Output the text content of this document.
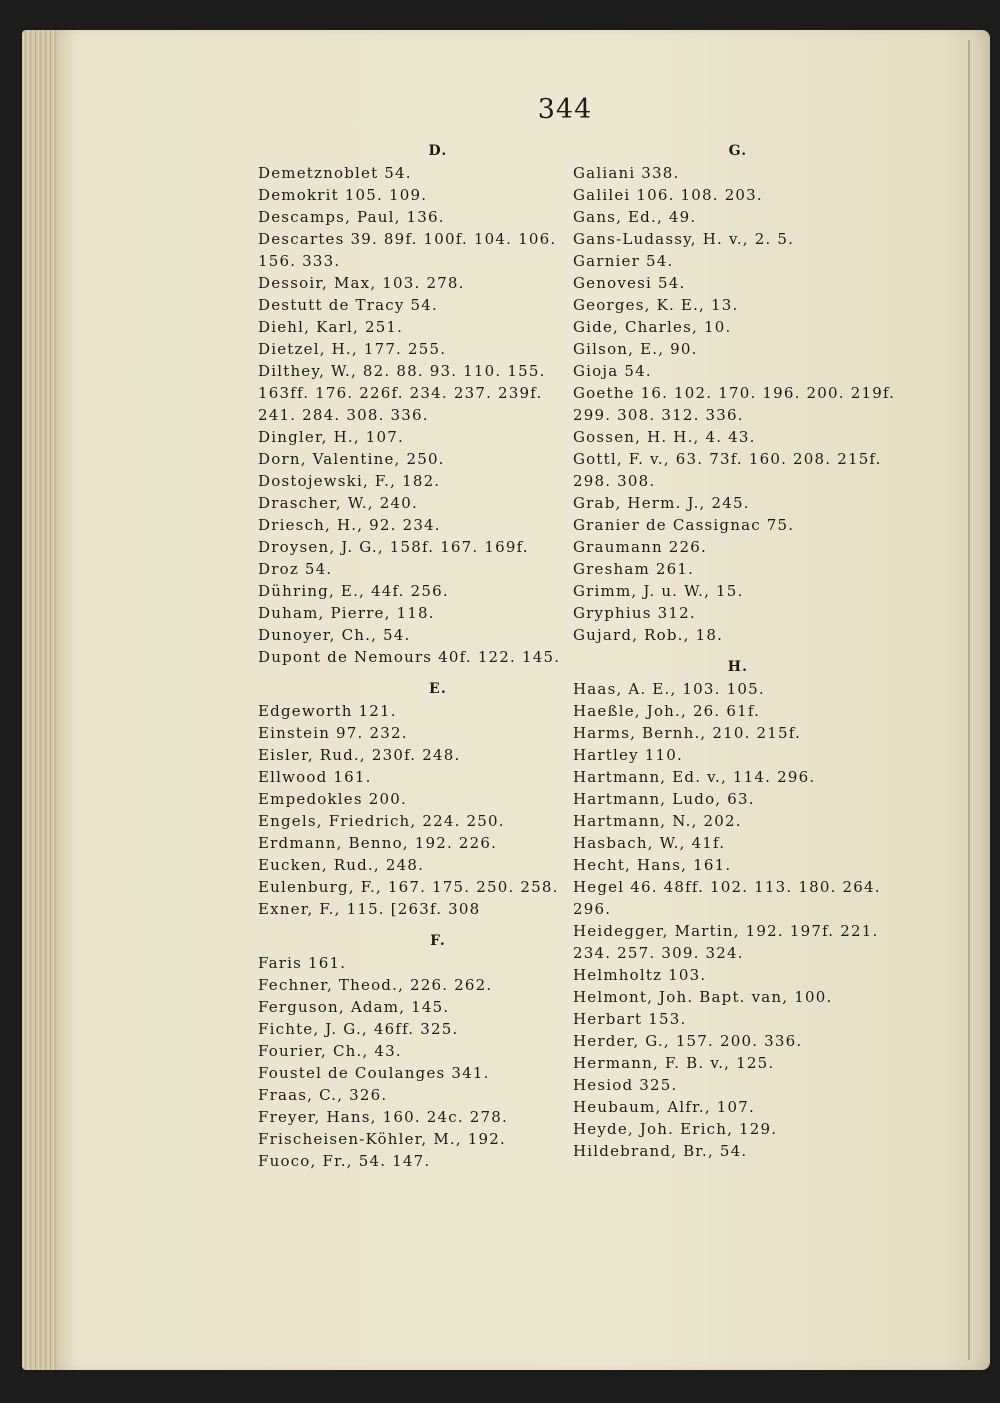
344
D.
Demetznoblet 54.
Demokrit 105. 109.
Descamps, Paul, 136.
Descartes 39. 89f. 100f. 104. 106.
156. 333.
Dessoir, Max, 103. 278.
Destutt de Tracy 54.
Diehl, Karl, 251.
Dietzel, H., 177. 255.
Dilthey, W., 82. 88. 93. 110. 155.
163ff. 176. 226f. 234. 237. 239f.
241. 284. 308. 336.
Dingler, H., 107.
Dorn, Valentine, 250.
Dostojewski, F., 182.
Drascher, W., 240.
Driesch, H., 92. 234.
Droysen, J. G., 158f. 167. 169f.
Droz 54.
Dühring, E., 44f. 256.
Duham, Pierre, 118.
Dunoyer, Ch., 54.
Dupont de Nemours 40f. 122. 145.
E.
Edgeworth 121.
Einstein 97. 232.
Eisler, Rud., 230f. 248.
Ellwood 161.
Empedokles 200.
Engels, Friedrich, 224. 250.
Erdmann, Benno, 192. 226.
Eucken, Rud., 248.
Eulenburg, F., 167. 175. 250. 258.
Exner, F., 115. [263f. 308
F.
Faris 161.
Fechner, Theod., 226. 262.
Ferguson, Adam, 145.
Fichte, J. G., 46ff. 325.
Fourier, Ch., 43.
Foustel de Coulanges 341.
Fraas, C., 326.
Freyer, Hans, 160. 24c. 278.
Frischeisen-Köhler, M., 192.
Fuoco, Fr., 54. 147.
G.
Galiani 338.
Galilei 106. 108. 203.
Gans, Ed., 49.
Gans-Ludassy, H. v., 2. 5.
Garnier 54.
Genovesi 54.
Georges, K. E., 13.
Gide, Charles, 10.
Gilson, E., 90.
Gioja 54.
Goethe 16. 102. 170. 196. 200. 219f.
299. 308. 312. 336.
Gossen, H. H., 4. 43.
Gottl, F. v., 63. 73f. 160. 208. 215f.
298. 308.
Grab, Herm. J., 245.
Granier de Cassignac 75.
Graumann 226.
Gresham 261.
Grimm, J. u. W., 15.
Gryphius 312.
Gujard, Rob., 18.
H.
Haas, A. E., 103. 105.
Haeßle, Joh., 26. 61f.
Harms, Bernh., 210. 215f.
Hartley 110.
Hartmann, Ed. v., 114. 296.
Hartmann, Ludo, 63.
Hartmann, N., 202.
Hasbach, W., 41f.
Hecht, Hans, 161.
Hegel 46. 48ff. 102. 113. 180. 264.
296.
Heidegger, Martin, 192. 197f. 221.
234. 257. 309. 324.
Helmholtz 103.
Helmont, Joh. Bapt. van, 100.
Herbart 153.
Herder, G., 157. 200. 336.
Hermann, F. B. v., 125.
Hesiod 325.
Heubaum, Alfr., 107.
Heyde, Joh. Erich, 129.
Hildebrand, Br., 54.
